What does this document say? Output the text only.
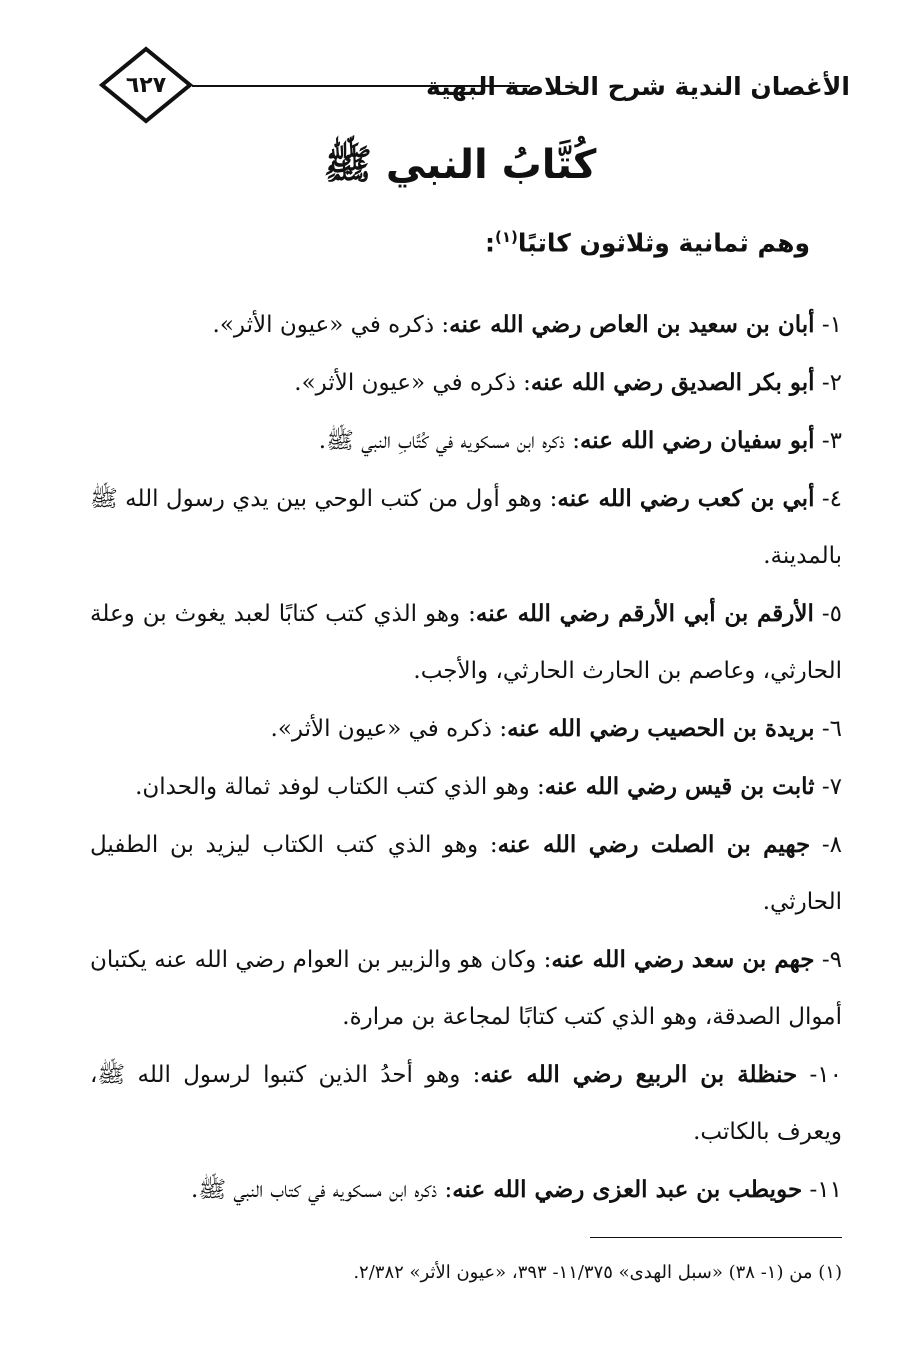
٦٢٧	الأغصان الندية شرح الخلاصة البهية
كُتَّابُ النبي ﷺ
وهم ثمانية وثلاثون كاتبًا$^{(١)}$:

١- أبان بن سعيد بن العاص رضي الله عنه: ذكره في «عيون الأثر».

٢- أبو بكر الصديق رضي الله عنه: ذكره في «عيون الأثر».

٣- أبو سفيان رضي الله عنه: ذكره ابن مسكويه في كُتَّابِ النبي ﷺ.

٤- أبي بن كعب رضي الله عنه: وهو أول من كتب الوحي بين يدي رسول الله ﷺ بالمدينة.

٥- الأرقم بن أبي الأرقم رضي الله عنه: وهو الذي كتب كتابًا لعبد يغوث بن وعلة الحارثي، وعاصم بن الحارث الحارثي، والأجب.

٦- بريدة بن الحصيب رضي الله عنه: ذكره في «عيون الأثر».

٧- ثابت بن قيس رضي الله عنه: وهو الذي كتب الكتاب لوفد ثمالة والحدان.

٨- جهيم بن الصلت رضي الله عنه: وهو الذي كتب الكتاب ليزيد بن الطفيل الحارثي.

٩- جهم بن سعد رضي الله عنه: وكان هو والزبير بن العوام رضي الله عنه يكتبان أموال الصدقة، وهو الذي كتب كتابًا لمجاعة بن مرارة.

١٠- حنظلة بن الربيع رضي الله عنه: وهو أحدُ الذين كتبوا لرسول الله ﷺ، ويعرف بالكاتب.

١١- حويطب بن عبد العزى رضي الله عنه: ذكره ابن مسكويه في كتاب النبي ﷺ.

(١) من (١- ٣٨) «سبل الهدى» ١١/٣٧٥- ٣٩٣، «عيون الأثر» ٢/٣٨٢.
